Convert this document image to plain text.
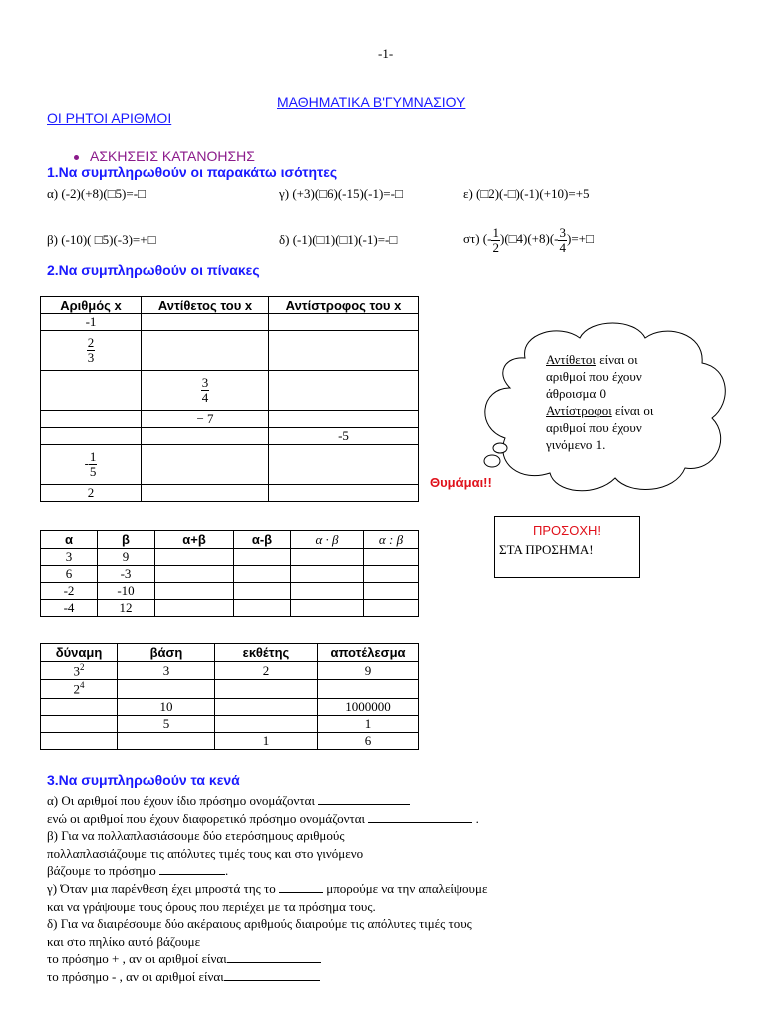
-1-
ΜΑΘΗΜΑΤΙΚΑ Β'ΓΥΜΝΑΣΙΟΥ
ΟΙ ΡΗΤΟΙ ΑΡΙΘΜΟΙ
ΑΣΚΗΣΕΙΣ ΚΑΤΑΝΟΗΣΗΣ
1.Να συμπληρωθούν οι παρακάτω ισότητες
α) (-2)(+8)(□5)=-□	γ) (+3)(□6)(-15)(-1)=-□	ε) (□2)(-□)(-1)(+10)=+5
β) (-10)( □5)(-3)=+□	δ) (-1)(□1)(□1)(-1)=-□	στ) (- $\frac{1}{2}$ )(□4)(+8)(- $\frac{3}{4}$ )=+□
2.Να συμπληρωθούν οι πίνακες
Αριθμός x	Αντίθετος του x	Αντίστροφος του x
-1		

$\frac{2}{3}$

	$\frac{3}{4}$

	− 7	
		-5
- $\frac{1}{5}$

2		
Αντίθετοι είναι οι
αριθμοί που έχουν
άθροισμα 0
Αντίστροφοι είναι οι
αριθμοί που έχουν
γινόμενο 1.
Θυμάμαι!!
ΠΡΟΣΟΧΗ!
ΣΤΑ ΠΡΟΣΗΜΑ!
α	β	α+β	α-β	α · β	α : β
3	9				
6	-3				
-2	-10				
-4	12				
δύναμη	βάση	εκθέτης	αποτέλεσμα
$3^2$	3	2	9
$2^4$			
	10		1000000
	5		1
		1	6
3.Να συμπληρωθούν τα κενά
α) Οι αριθμοί που έχουν ίδιο πρόσημο ονομάζονται
ενώ οι αριθμοί που έχουν διαφορετικό πρόσημο ονομάζονται	.
β) Για να πολλαπλασιάσουμε δύο ετερόσημους αριθμούς
πολλαπλασιάζουμε τις απόλυτες τιμές τους και στο γινόμενο
βάζουμε το πρόσημο	.
γ) Όταν μια παρένθεση έχει μπροστά της το	μπορούμε να την απαλείψουμε
και να γράψουμε τους όρους που περιέχει με τα πρόσημα τους.
δ) Για να διαιρέσουμε δύο ακέραιους αριθμούς διαιρούμε τις απόλυτες τιμές τους
και στο πηλίκο αυτό βάζουμε
το πρόσημο + , αν οι αριθμοί είναι
το πρόσημο - , αν οι αριθμοί είναι
